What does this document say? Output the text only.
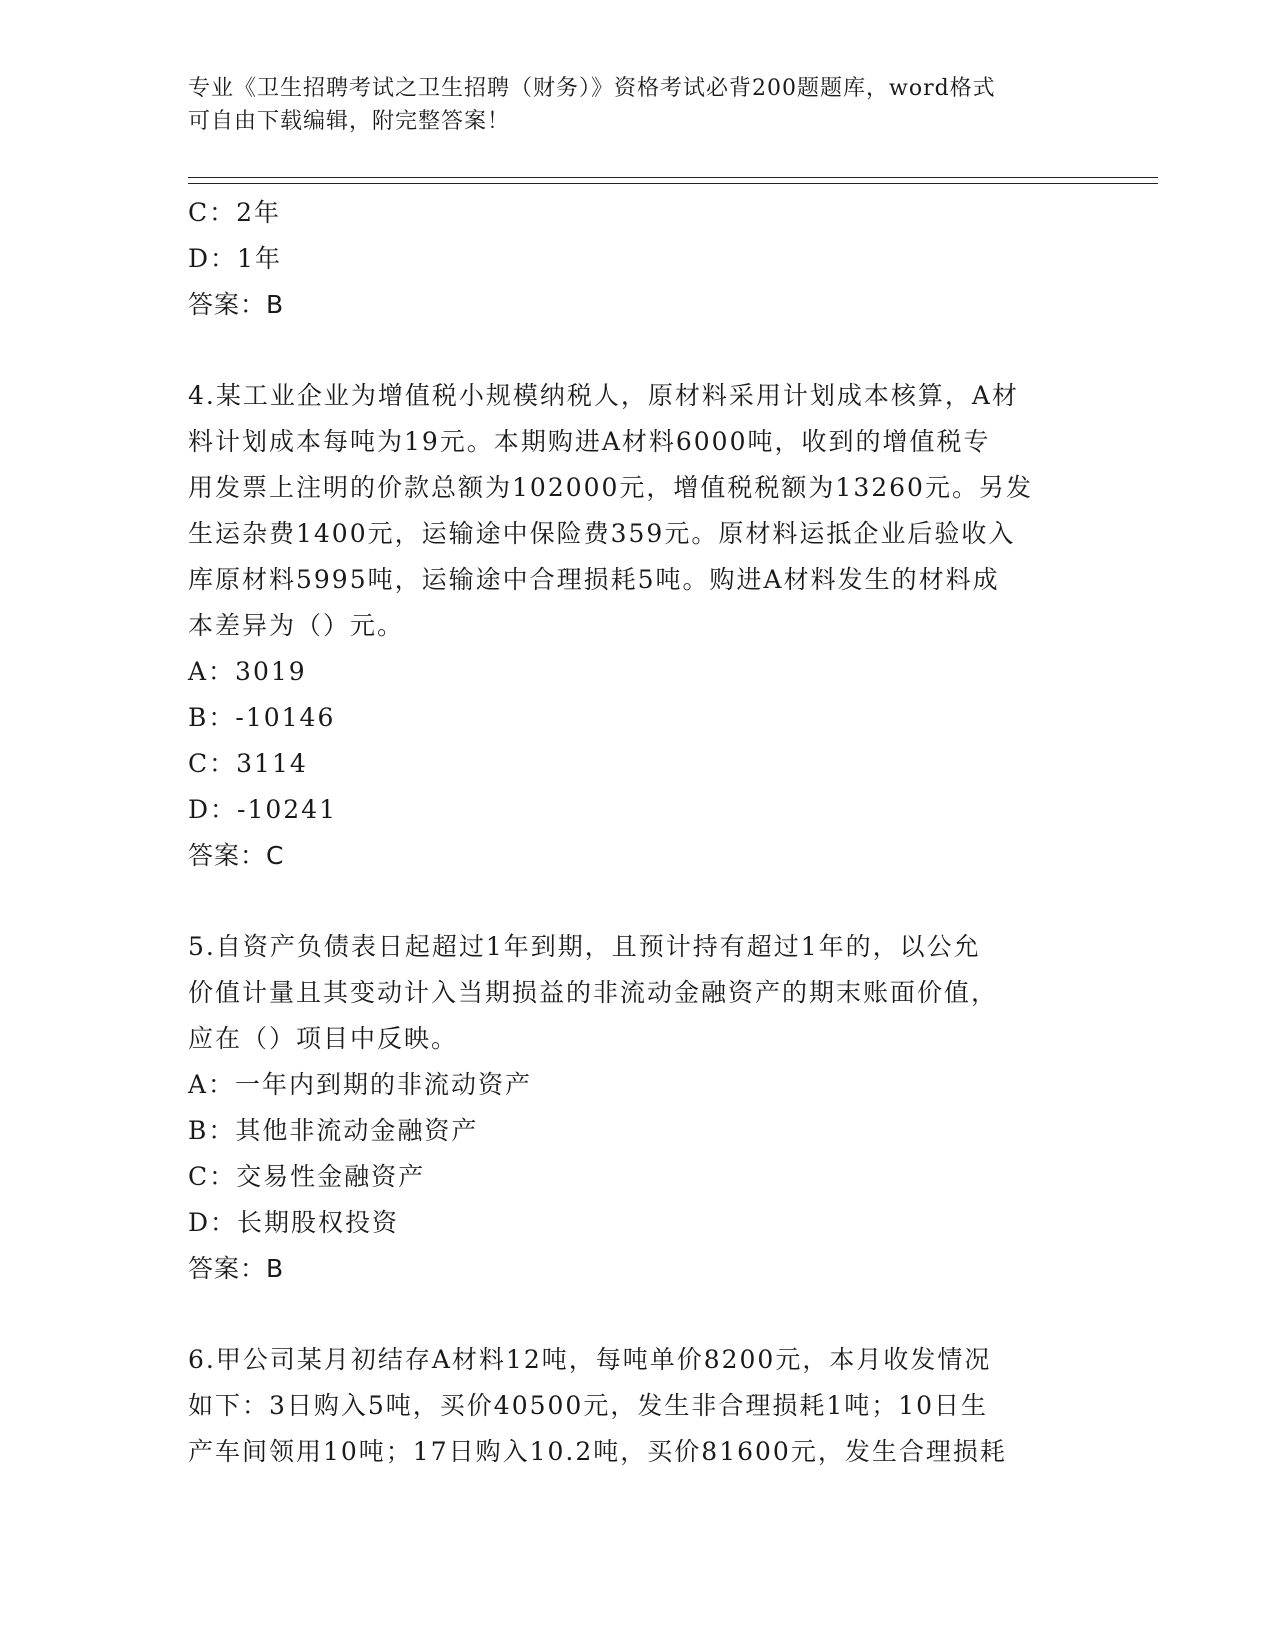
专业《卫生招聘考试之卫生招聘（财务）》资格考试必背200题题库，word格式
可自由下载编辑，附完整答案！
C：2年
D：1年
答案：B
4.某工业企业为增值税小规模纳税人，原材料采用计划成本核算，A材
料计划成本每吨为19元。本期购进A材料6000吨，收到的增值税专
用发票上注明的价款总额为102000元，增值税税额为13260元。另发
生运杂费1400元，运输途中保险费359元。原材料运抵企业后验收入
库原材料5995吨，运输途中合理损耗5吨。购进A材料发生的材料成
本差异为（）元。
A：3019
B：-10146
C：3114
D：-10241
答案：C
5.自资产负债表日起超过1年到期，且预计持有超过1年的，以公允
价值计量且其变动计入当期损益的非流动金融资产的期末账面价值，
应在（）项目中反映。
A：一年内到期的非流动资产
B：其他非流动金融资产
C：交易性金融资产
D：长期股权投资
答案：B
6.甲公司某月初结存A材料12吨，每吨单价8200元，本月收发情况
如下：3日购入5吨，买价40500元，发生非合理损耗1吨；10日生
产车间领用10吨；17日购入10.2吨，买价81600元，发生合理损耗
